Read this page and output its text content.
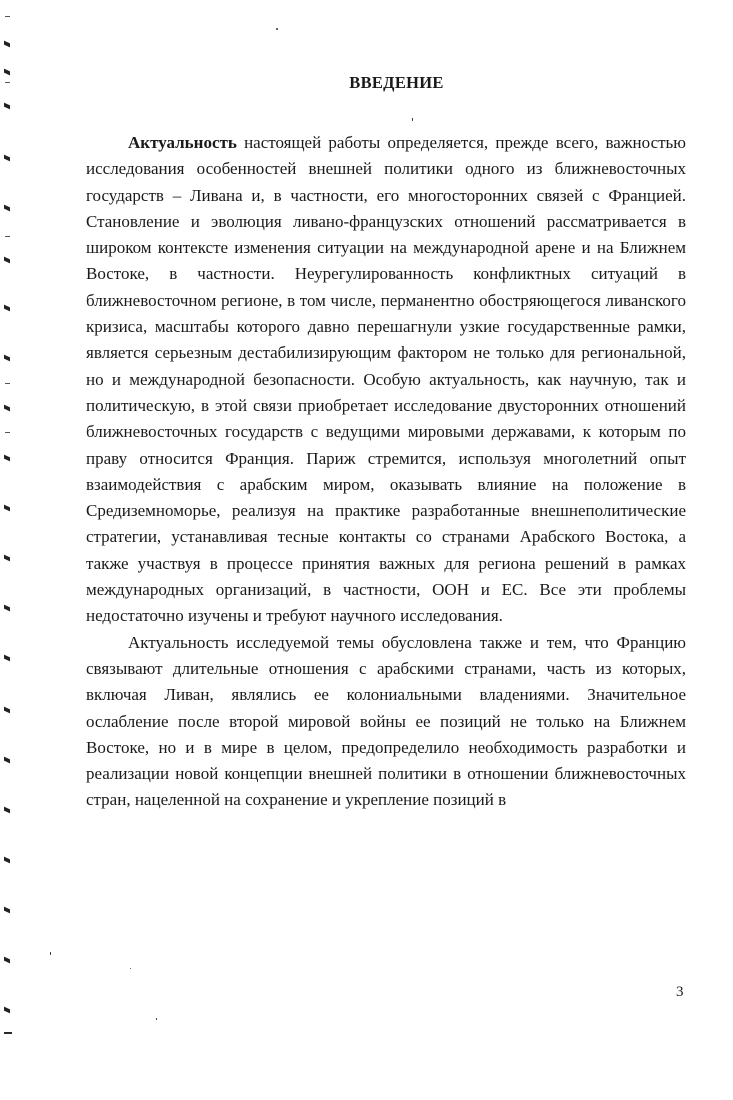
ВВЕДЕНИЕ

Актуальность настоящей работы определяется, прежде всего, важностью исследования особенностей внешней политики одного из ближневосточных государств – Ливана и, в частности, его многосторонних связей с Францией. Становление и эволюция ливано-французских отношений рассматривается в широком контексте изменения ситуации на международной арене и на Ближнем Востоке, в частности. Неурегулированность конфликтных ситуаций в ближневосточном регионе, в том числе, перманентно обостряющегося ливанского кризиса, масштабы которого давно перешагнули узкие государственные рамки, является серьезным дестабилизирующим фактором не только для региональной, но и международной безопасности. Особую актуальность, как научную, так и политическую, в этой связи приобретает исследование двусторонних отношений ближневосточных государств с ведущими мировыми державами, к которым по праву относится Франция. Париж стремится, используя многолетний опыт взаимодействия с арабским миром, оказывать влияние на положение в Средиземноморье, реализуя на практике разработанные внешнеполитические стратегии, устанавливая тесные контакты со странами Арабского Востока, а также участвуя в процессе принятия важных для региона решений в рамках международных организаций, в частности, ООН и ЕС. Все эти проблемы недостаточно изучены и требуют научного исследования.

Актуальность исследуемой темы обусловлена также и тем, что Францию связывают длительные отношения с арабскими странами, часть из которых, включая Ливан, являлись ее колониальными владениями. Значительное ослабление после второй мировой войны ее позиций не только на Ближнем Востоке, но и в мире в целом, предопределило необходимость разработки и реализации новой концепции внешней политики в отношении ближневосточных стран, нацеленной на сохранение и укрепление позиций в

3
